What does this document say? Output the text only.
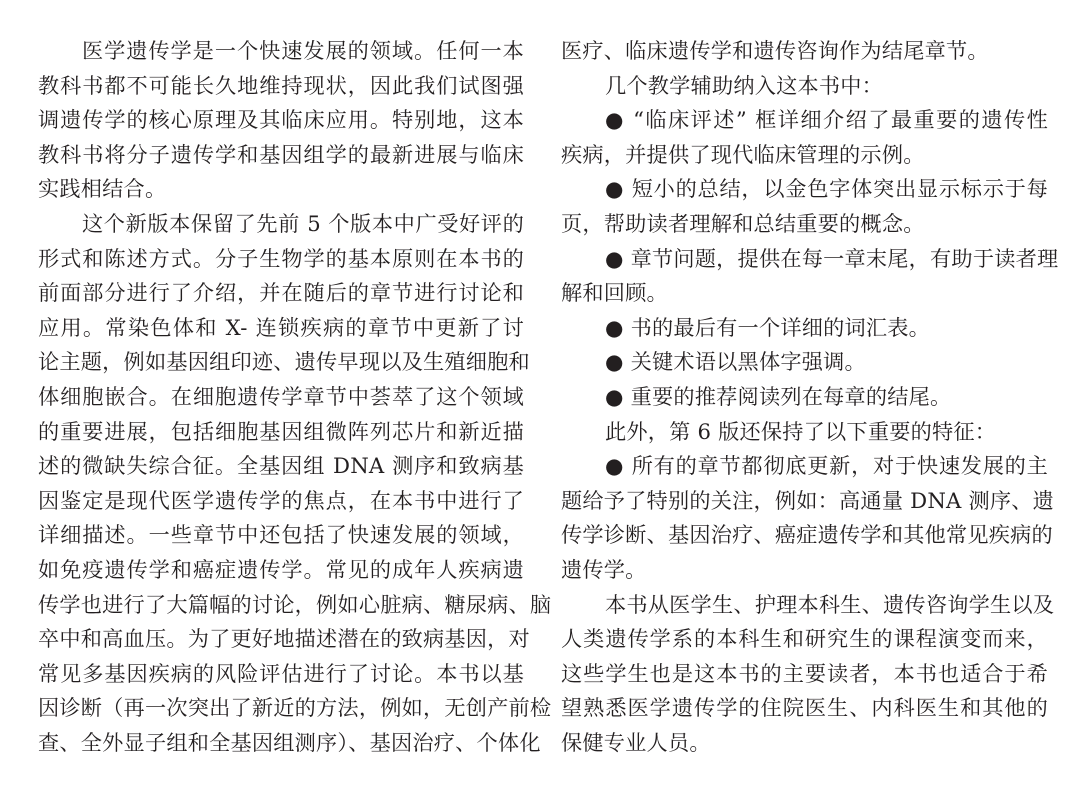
医学遗传学是一个快速发展的领域。任何一本
教科书都不可能长久地维持现状，因此我们试图强
调遗传学的核心原理及其临床应用。特别地，这本
教科书将分子遗传学和基因组学的最新进展与临床
实践相结合。
这个新版本保留了先前 5 个版本中广受好评的
形式和陈述方式。分子生物学的基本原则在本书的
前面部分进行了介绍，并在随后的章节进行讨论和
应用。常染色体和 X- 连锁疾病的章节中更新了讨
论主题，例如基因组印迹、遗传早现以及生殖细胞和
体细胞嵌合。在细胞遗传学章节中荟萃了这个领域
的重要进展，包括细胞基因组微阵列芯片和新近描
述的微缺失综合征。全基因组 DNA 测序和致病基
因鉴定是现代医学遗传学的焦点，在本书中进行了
详细描述。一些章节中还包括了快速发展的领域，
如免疫遗传学和癌症遗传学。常见的成年人疾病遗
传学也进行了大篇幅的讨论，例如心脏病、糖尿病、脑
卒中和高血压。为了更好地描述潜在的致病基因，对
常见多基因疾病的风险评估进行了讨论。本书以基
因诊断（再一次突出了新近的方法，例如，无创产前检
查、全外显子组和全基因组测序）、基因治疗、个体化
医疗、临床遗传学和遗传咨询作为结尾章节。
几个教学辅助纳入这本书中：
● “临床评述” 框详细介绍了最重要的遗传性
疾病，并提供了现代临床管理的示例。
● 短小的总结，以金色字体突出显示标示于每
页，帮助读者理解和总结重要的概念。
● 章节问题，提供在每一章末尾，有助于读者理
解和回顾。
● 书的最后有一个详细的词汇表。
● 关键术语以黑体字强调。
● 重要的推荐阅读列在每章的结尾。
此外，第 6 版还保持了以下重要的特征：
● 所有的章节都彻底更新，对于快速发展的主
题给予了特别的关注，例如：高通量 DNA 测序、遗
传学诊断、基因治疗、癌症遗传学和其他常见疾病的
遗传学。
本书从医学生、护理本科生、遗传咨询学生以及
人类遗传学系的本科生和研究生的课程演变而来，
这些学生也是这本书的主要读者，本书也适合于希
望熟悉医学遗传学的住院医生、内科医生和其他的
保健专业人员。
